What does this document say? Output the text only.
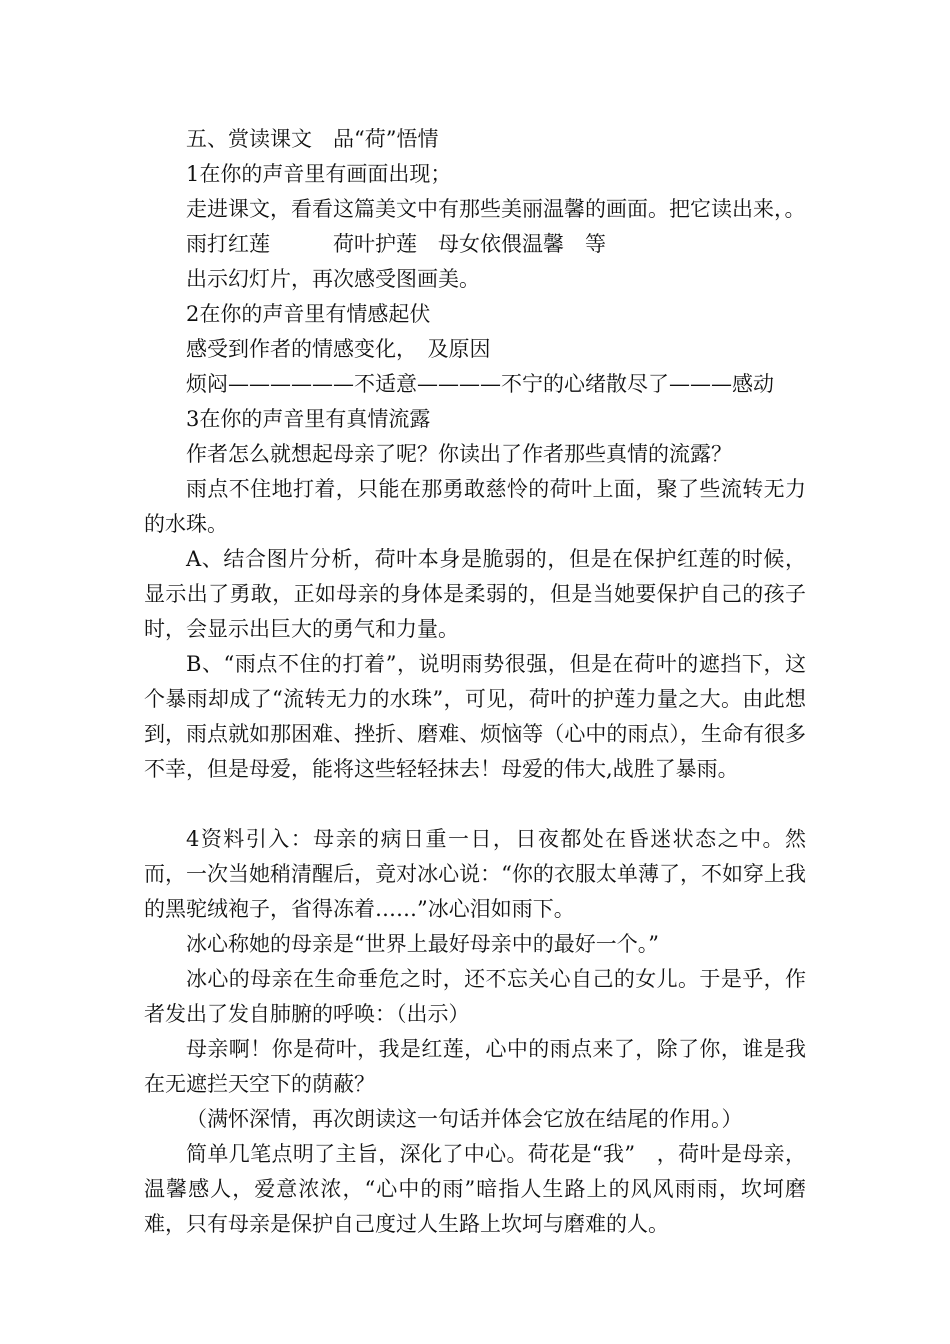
五、赏读课文　品“荷”悟情

1在你的声音里有画面出现；

走进课文，看看这篇美文中有那些美丽温馨的画面。把它读出来，。

雨打红莲　　　荷叶护莲　母女依偎温馨　等

出示幻灯片，再次感受图画美。

2在你的声音里有情感起伏

感受到作者的情感变化，　及原因

烦闷——————不适意————不宁的心绪散尽了———感动

3在你的声音里有真情流露

作者怎么就想起母亲了呢？你读出了作者那些真情的流露？

雨点不住地打着，只能在那勇敢慈怜的荷叶上面，聚了些流转无力的水珠。

A、结合图片分析，荷叶本身是脆弱的，但是在保护红莲的时候，显示出了勇敢，正如母亲的身体是柔弱的，但是当她要保护自己的孩子时，会显示出巨大的勇气和力量。

B、“雨点不住的打着”，说明雨势很强，但是在荷叶的遮挡下，这个暴雨却成了“流转无力的水珠”，可见，荷叶的护莲力量之大。由此想到，雨点就如那困难、挫折、磨难、烦恼等（心中的雨点），生命有很多不幸，但是母爱，能将这些轻轻抹去！母爱的伟大,战胜了暴雨。

4资料引入：母亲的病日重一日，日夜都处在昏迷状态之中。然而，一次当她稍清醒后，竟对冰心说：“你的衣服太单薄了，不如穿上我的黑驼绒袍子，省得冻着……”冰心泪如雨下。

冰心称她的母亲是“世界上最好母亲中的最好一个。”

冰心的母亲在生命垂危之时，还不忘关心自己的女儿。于是乎，作者发出了发自肺腑的呼唤：（出示）

母亲啊！你是荷叶，我是红莲，心中的雨点来了，除了你，谁是我在无遮拦天空下的荫蔽？

（满怀深情，再次朗读这一句话并体会它放在结尾的作用。）

简单几笔点明了主旨，深化了中心。荷花是“我”　，荷叶是母亲，温馨感人，爱意浓浓，“心中的雨”暗指人生路上的风风雨雨，坎坷磨难，只有母亲是保护自己度过人生路上坎坷与磨难的人。
